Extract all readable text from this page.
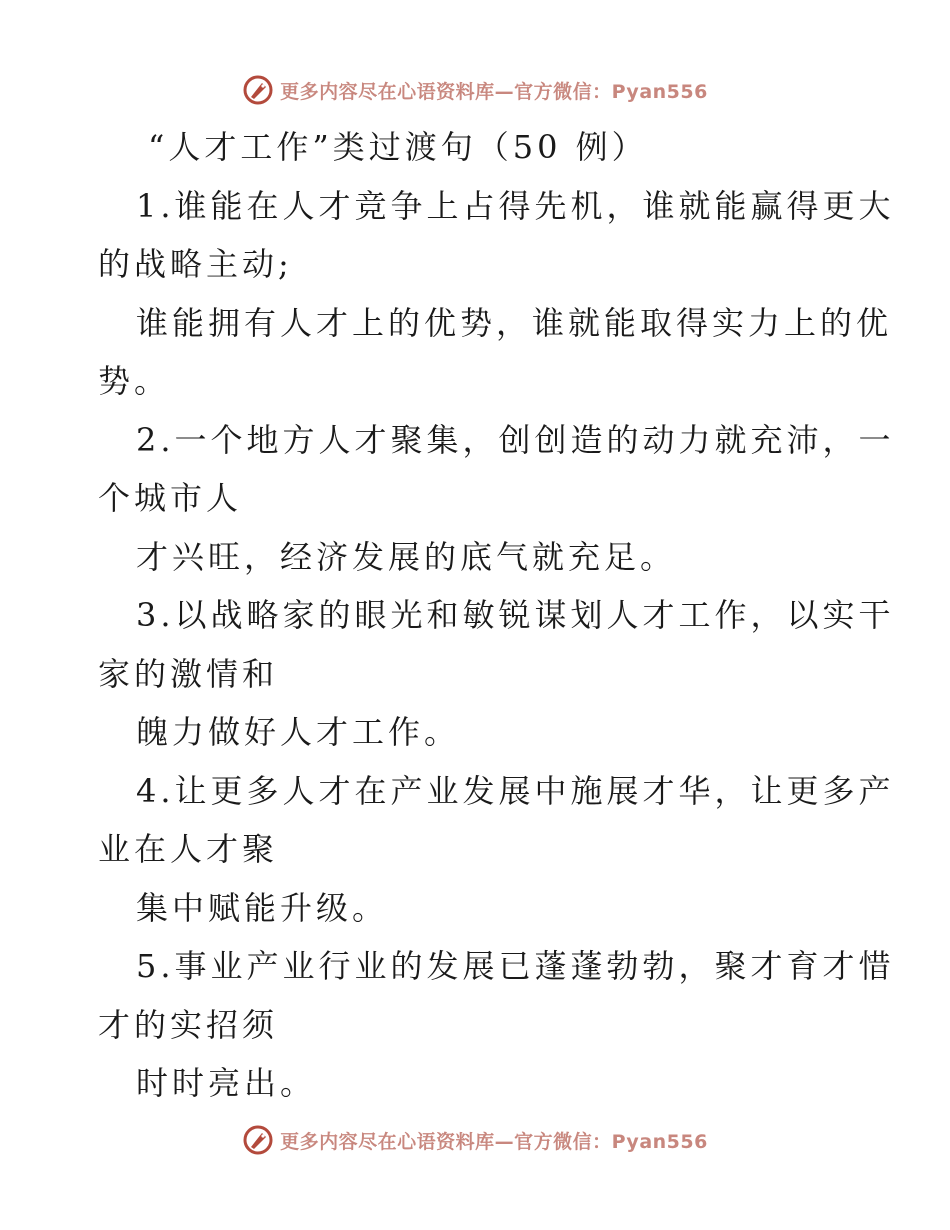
更多内容尽在心语资料库—官方微信：Pyan556
“人才工作”类过渡句（50 例）
1.谁能在人才竞争上占得先机，谁就能赢得更大
的战略主动;
谁能拥有人才上的优势，谁就能取得实力上的优
势。
2.一个地方人才聚集，创创造的动力就充沛，一
个城市人
才兴旺，经济发展的底气就充足。
3.以战略家的眼光和敏锐谋划人才工作，以实干
家的激情和
魄力做好人才工作。
4.让更多人才在产业发展中施展才华，让更多产
业在人才聚
集中赋能升级。
5.事业产业行业的发展已蓬蓬勃勃，聚才育才惜
才的实招须
时时亮出。
更多内容尽在心语资料库—官方微信：Pyan556
